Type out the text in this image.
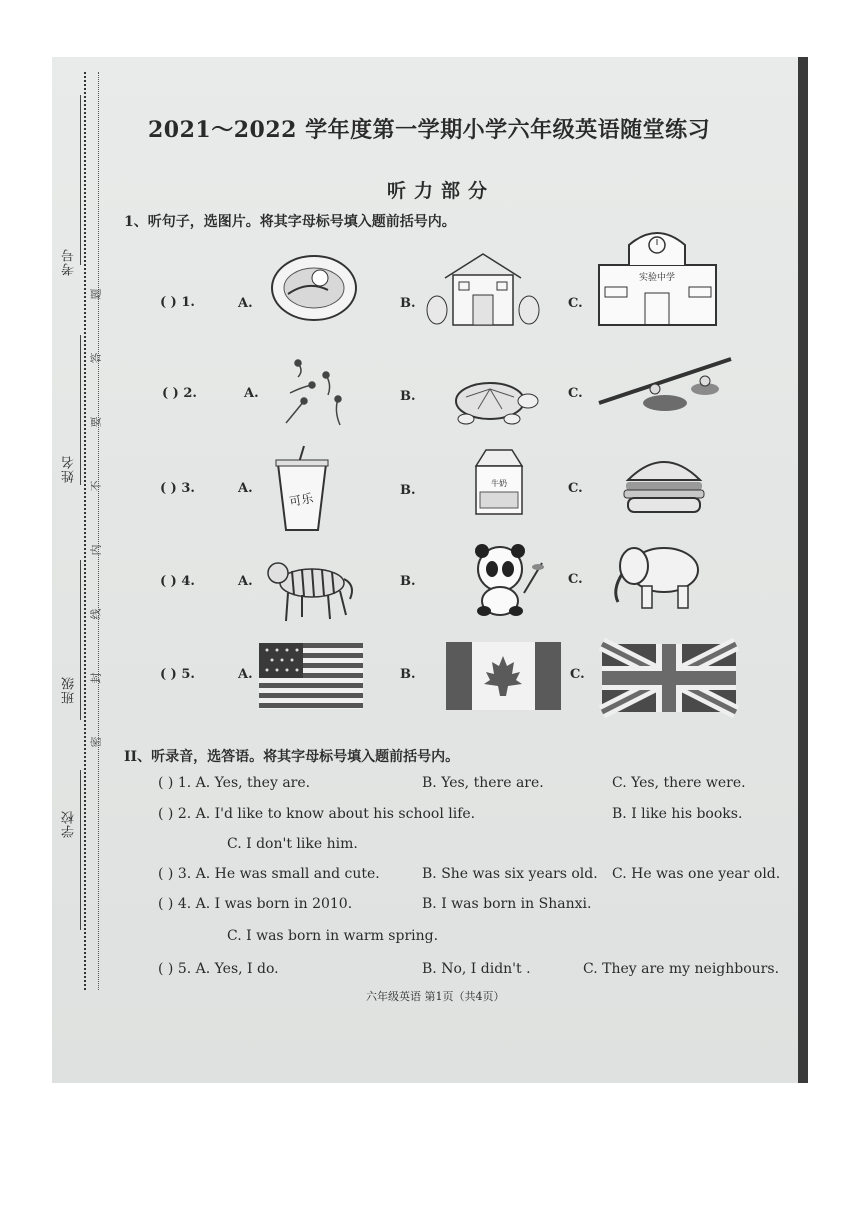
考号
姓名
班级
学校
题
答
要
不
内
线
封
密
2021～2022 学年度第一学期小学六年级英语随堂练习
听力部分
1、听句子，选图片。将其字母标号填入题前括号内。
( ) 1.	A.	B.	C.
实验中学
( ) 2.	A.	B.	C.
( ) 3.	A.	B.	C.
可乐
牛奶
( ) 4.	A.	B.	C.
( ) 5.	A.	B.	C.
II、听录音，选答语。将其字母标号填入题前括号内。
( ) 1. A. Yes, they are.	B. Yes, there are.	C. Yes, there were.
( ) 2. A. I'd like to know about his school life.	B. I like his books.
C. I don't like him.
( ) 3. A. He was small and cute.	B. She was six years old. C. He was one year old.
( ) 4. A. I was born in 2010.	B. I was born in Shanxi.
C. I was born in warm spring.
( ) 5. A. Yes, I do.	B. No, I didn't .	C. They are my neighbours.
六年级英语 第1页（共4页）
